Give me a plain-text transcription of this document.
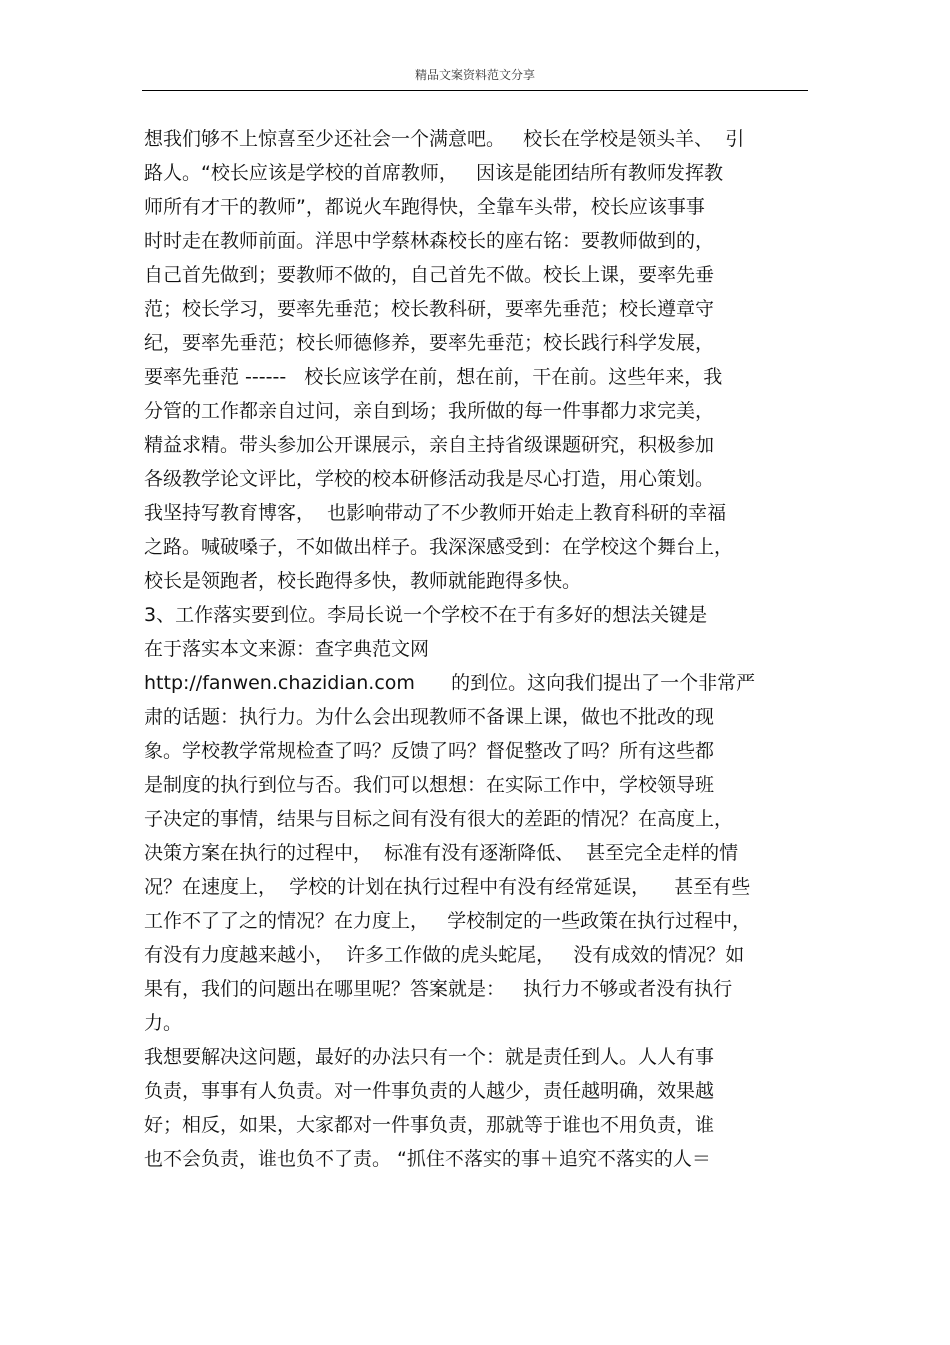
精品文案资料范文分享
想我们够不上惊喜至少还社会一个满意吧。   校长在学校是领头羊、  引
路人。“校长应该是学校的首席教师，   因该是能团结所有教师发挥教
师所有才干的教师”，都说火车跑得快，全靠车头带，校长应该事事
时时走在教师前面。洋思中学蔡林森校长的座右铭：要教师做到的，
自己首先做到；要教师不做的，自己首先不做。校长上课，要率先垂
范；校长学习，要率先垂范；校长教科研，要率先垂范；校长遵章守
纪，要率先垂范；校长师德修养，要率先垂范；校长践行科学发展，
要率先垂范 ------   校长应该学在前，想在前，干在前。这些年来，我
分管的工作都亲自过问，亲自到场；我所做的每一件事都力求完美，
精益求精。带头参加公开课展示，亲自主持省级课题研究，积极参加
各级教学论文评比，学校的校本研修活动我是尽心打造，用心策划。
我坚持写教育博客，  也影响带动了不少教师开始走上教育科研的幸福
之路。喊破嗓子，不如做出样子。我深深感受到：在学校这个舞台上，
校长是领跑者，校长跑得多快，教师就能跑得多快。
3、工作落实要到位。李局长说一个学校不在于有多好的想法关键是
在于落实本文来源：查字典范文网
http://fanwen.chazidian.com      的到位。这向我们提出了一个非常严
肃的话题：执行力。为什么会出现教师不备课上课，做也不批改的现
象。学校教学常规检查了吗？反馈了吗？督促整改了吗？所有这些都
是制度的执行到位与否。我们可以想想：在实际工作中，学校领导班
子决定的事情，结果与目标之间有没有很大的差距的情况？在高度上，
决策方案在执行的过程中，  标准有没有逐渐降低、  甚至完全走样的情
况？在速度上，  学校的计划在执行过程中有没有经常延误，    甚至有些
工作不了了之的情况？在力度上，   学校制定的一些政策在执行过程中，
有没有力度越来越小，  许多工作做的虎头蛇尾，   没有成效的情况？如
果有，我们的问题出在哪里呢？答案就是：   执行力不够或者没有执行
力。
我想要解决这问题，最好的办法只有一个：就是责任到人。人人有事
负责，事事有人负责。对一件事负责的人越少，责任越明确，效果越
好；相反，如果，大家都对一件事负责，那就等于谁也不用负责，谁
也不会负责，谁也负不了责。 “抓住不落实的事＋追究不落实的人＝
